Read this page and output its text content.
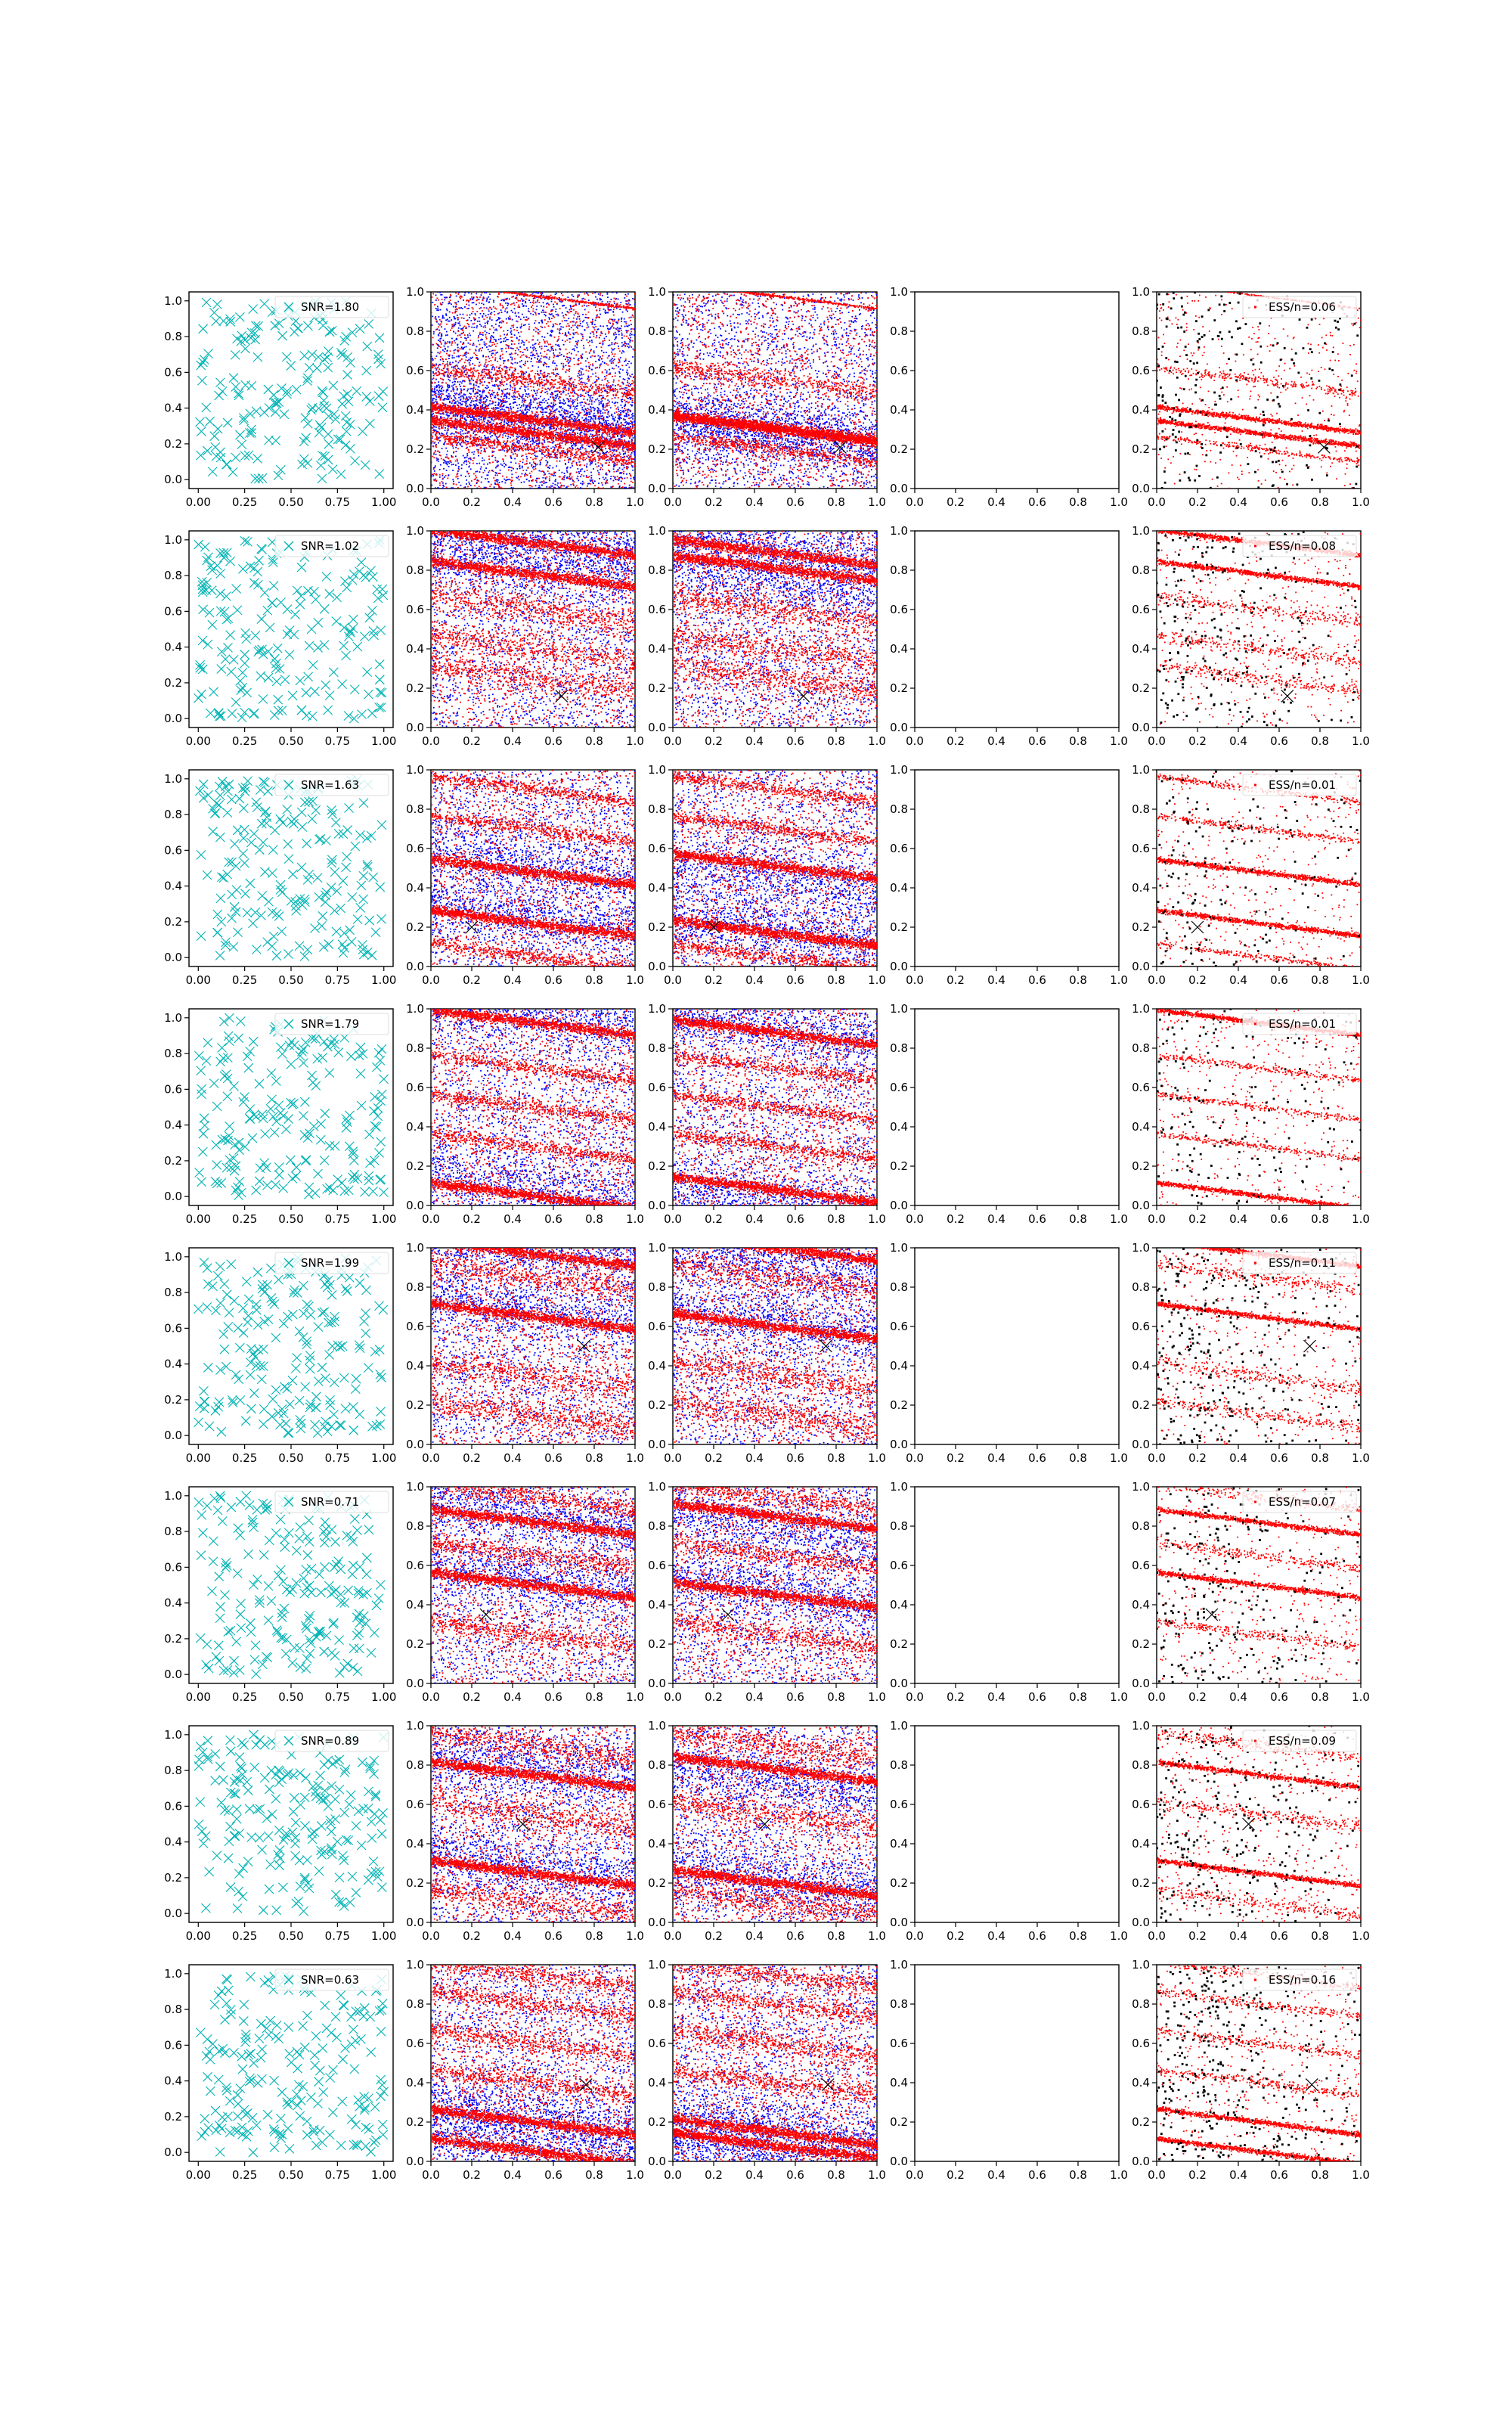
0.00 0.25 0.50 0.75 1.00
0.0
0.2
0.4
0.6
0.8
1.0	SNR=1.80
0.0 0.2 0.4 0.6 0.8 1.0
0.0
0.2
0.4
0.6
0.8
1.0
0.0 0.2 0.4 0.6 0.8 1.0
0.0
0.2
0.4
0.6
0.8
1.0
0.0 0.2 0.4 0.6 0.8 1.0
0.0
0.2
0.4
0.6
0.8
1.0
0.0 0.2 0.4 0.6 0.8 1.0
0.0
0.2
0.4
0.6
0.8
1.0
ESS/n=0.06
0.00 0.25 0.50 0.75 1.00
0.0
0.2
0.4
0.6
0.8
1.0	SNR=1.02
0.0 0.2 0.4 0.6 0.8 1.0
0.0
0.2
0.4
0.6
0.8
1.0
0.0 0.2 0.4 0.6 0.8 1.0
0.0
0.2
0.4
0.6
0.8
1.0
0.0 0.2 0.4 0.6 0.8 1.0
0.0
0.2
0.4
0.6
0.8
1.0
0.0 0.2 0.4 0.6 0.8 1.0
0.0
0.2
0.4
0.6
0.8
1.0
ESS/n=0.08
0.00 0.25 0.50 0.75 1.00
0.0
0.2
0.4
0.6
0.8
1.0	SNR=1.63
0.0 0.2 0.4 0.6 0.8 1.0
0.0
0.2
0.4
0.6
0.8
1.0
0.0 0.2 0.4 0.6 0.8 1.0
0.0
0.2
0.4
0.6
0.8
1.0
0.0 0.2 0.4 0.6 0.8 1.0
0.0
0.2
0.4
0.6
0.8
1.0
0.0 0.2 0.4 0.6 0.8 1.0
0.0
0.2
0.4
0.6
0.8
1.0
ESS/n=0.01
0.00 0.25 0.50 0.75 1.00
0.0
0.2
0.4
0.6
0.8
1.0	SNR=1.79
0.0 0.2 0.4 0.6 0.8 1.0
0.0
0.2
0.4
0.6
0.8
1.0
0.0 0.2 0.4 0.6 0.8 1.0
0.0
0.2
0.4
0.6
0.8
1.0
0.0 0.2 0.4 0.6 0.8 1.0
0.0
0.2
0.4
0.6
0.8
1.0
0.0 0.2 0.4 0.6 0.8 1.0
0.0
0.2
0.4
0.6
0.8
1.0
ESS/n=0.01
0.00 0.25 0.50 0.75 1.00
0.0
0.2
0.4
0.6
0.8
1.0	SNR=1.99
0.0 0.2 0.4 0.6 0.8 1.0
0.0
0.2
0.4
0.6
0.8
1.0
0.0 0.2 0.4 0.6 0.8 1.0
0.0
0.2
0.4
0.6
0.8
1.0
0.0 0.2 0.4 0.6 0.8 1.0
0.0
0.2
0.4
0.6
0.8
1.0
0.0 0.2 0.4 0.6 0.8 1.0
0.0
0.2
0.4
0.6
0.8
1.0
ESS/n=0.11
0.00 0.25 0.50 0.75 1.00
0.0
0.2
0.4
0.6
0.8
1.0	SNR=0.71
0.0 0.2 0.4 0.6 0.8 1.0
0.0
0.2
0.4
0.6
0.8
1.0
0.0 0.2 0.4 0.6 0.8 1.0
0.0
0.2
0.4
0.6
0.8
1.0
0.0 0.2 0.4 0.6 0.8 1.0
0.0
0.2
0.4
0.6
0.8
1.0
0.0 0.2 0.4 0.6 0.8 1.0
0.0
0.2
0.4
0.6
0.8
1.0
ESS/n=0.07
0.00 0.25 0.50 0.75 1.00
0.0
0.2
0.4
0.6
0.8
1.0	SNR=0.89
0.0 0.2 0.4 0.6 0.8 1.0
0.0
0.2
0.4
0.6
0.8
1.0
0.0 0.2 0.4 0.6 0.8 1.0
0.0
0.2
0.4
0.6
0.8
1.0
0.0 0.2 0.4 0.6 0.8 1.0
0.0
0.2
0.4
0.6
0.8
1.0
0.0 0.2 0.4 0.6 0.8 1.0
0.0
0.2
0.4
0.6
0.8
1.0
ESS/n=0.09
0.00 0.25 0.50 0.75 1.00
0.0
0.2
0.4
0.6
0.8
1.0	SNR=0.63
0.0 0.2 0.4 0.6 0.8 1.0
0.0
0.2
0.4
0.6
0.8
1.0
0.0 0.2 0.4 0.6 0.8 1.0
0.0
0.2
0.4
0.6
0.8
1.0
0.0 0.2 0.4 0.6 0.8 1.0
0.0
0.2
0.4
0.6
0.8
1.0
0.0 0.2 0.4 0.6 0.8 1.0
0.0
0.2
0.4
0.6
0.8
1.0
ESS/n=0.16
